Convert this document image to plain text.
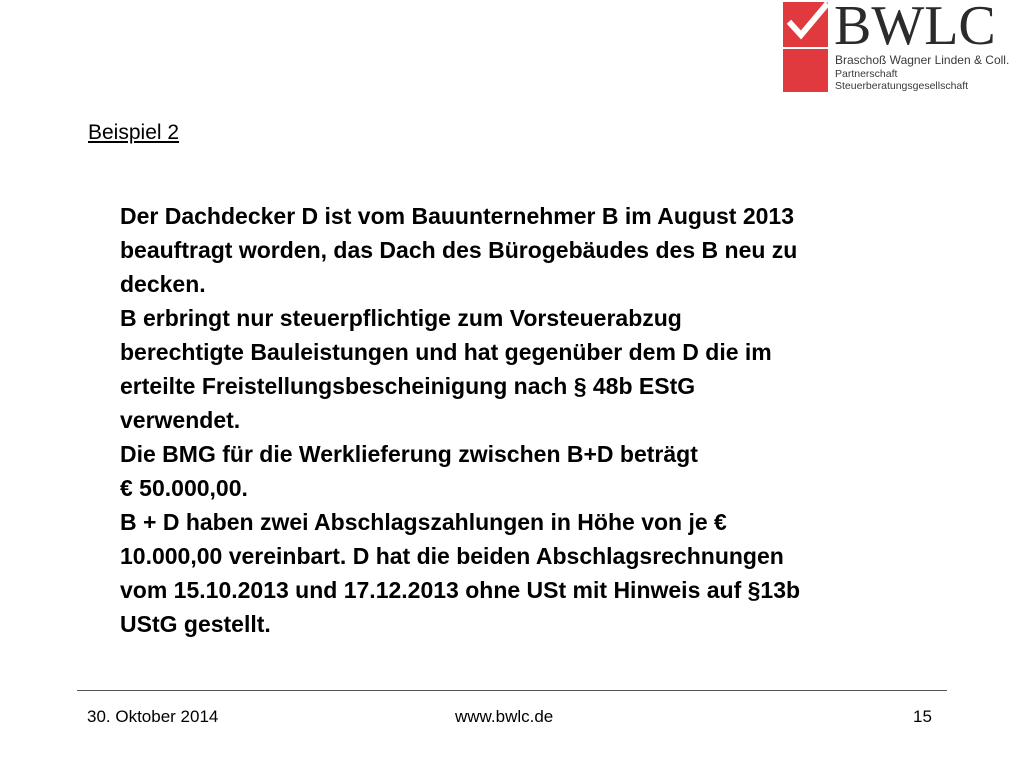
BWLC
Braschoß Wagner Linden & Coll.
Partnerschaft
Steuerberatungsgesellschaft
Beispiel 2
Der Dachdecker D ist vom Bauunternehmer B im August 2013
beauftragt worden, das Dach des Bürogebäudes des B neu zu
decken.
B erbringt nur steuerpflichtige zum Vorsteuerabzug
berechtigte Bauleistungen und hat gegenüber dem D die im
erteilte Freistellungsbescheinigung nach § 48b EStG
verwendet.
Die BMG für die Werklieferung zwischen B+D beträgt
€ 50.000,00.
B + D haben zwei Abschlagszahlungen in Höhe von je €
10.000,00 vereinbart. D hat die beiden Abschlagsrechnungen
vom 15.10.2013 und 17.12.2013 ohne USt mit Hinweis auf §13b
UStG gestellt.
30. Oktober 2014	www.bwlc.de	15
